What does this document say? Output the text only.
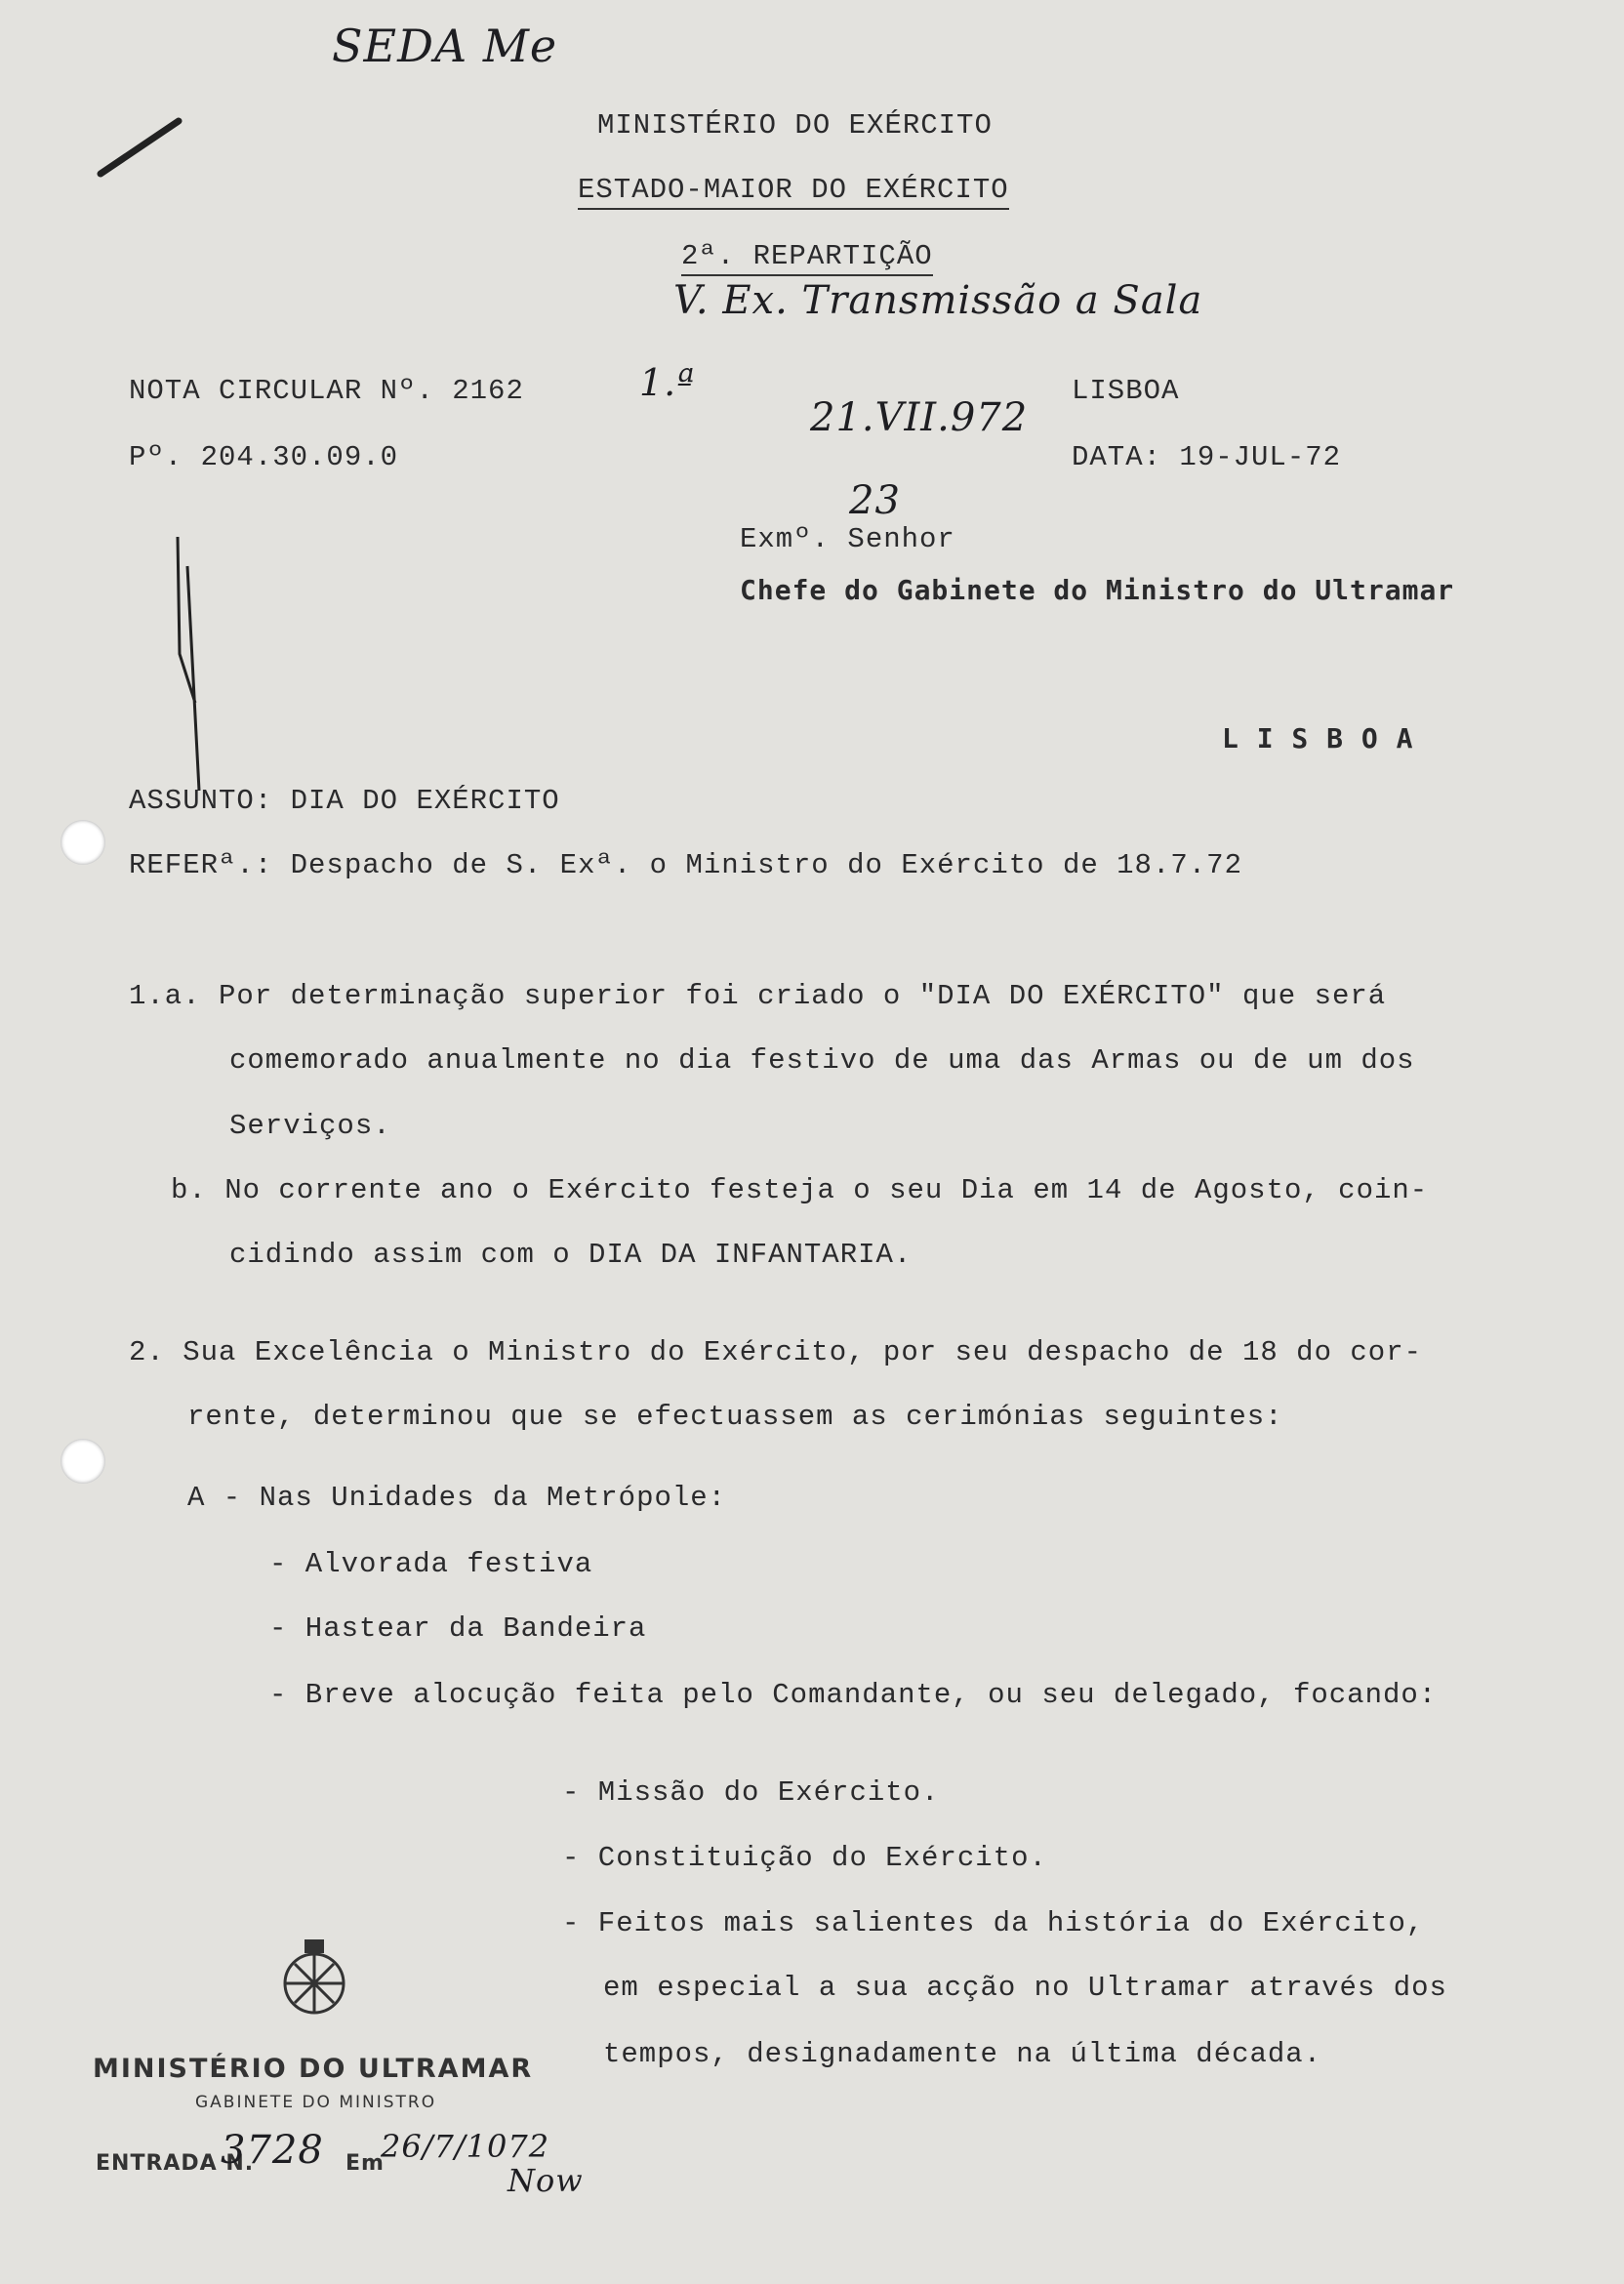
SEDA Me
V. Ex. Transmissão a Sala
1.ª
21.VII.972
23
MINISTÉRIO DO EXÉRCITO
ESTADO-MAIOR DO EXÉRCITO
2ª. REPARTIÇÃO
NOTA CIRCULAR Nº. 2162
Pº. 204.30.09.0
LISBOA
DATA: 19-JUL-72
Exmº. Senhor
Chefe do Gabinete do Ministro do Ultramar
L I S B O A
ASSUNTO: DIA DO EXÉRCITO
REFERª.: Despacho de S. Exª. o Ministro do Exército de 18.7.72
1.a. Por determinação superior foi criado o "DIA DO EXÉRCITO" que será
comemorado anualmente no dia festivo de uma das Armas ou de um dos
Serviços.
b. No corrente ano o Exército festeja o seu Dia em 14 de Agosto, coin-
cidindo assim com o DIA DA INFANTARIA.
2. Sua Excelência o Ministro do Exército, por seu despacho de 18 do cor-
rente, determinou que se efectuassem as cerimónias seguintes:
A - Nas Unidades da Metrópole:
- Alvorada festiva
- Hastear da Bandeira
- Breve alocução feita pelo Comandante, ou seu delegado, focando:
- Missão do Exército.
- Constituição do Exército.
- Feitos mais salientes da história do Exército,
em especial a sua acção no Ultramar através dos
tempos, designadamente na última década.
MINISTÉRIO DO ULTRAMAR
GABINETE DO MINISTRO
ENTRADA N.
3728 Em
26/7/1072
Now
